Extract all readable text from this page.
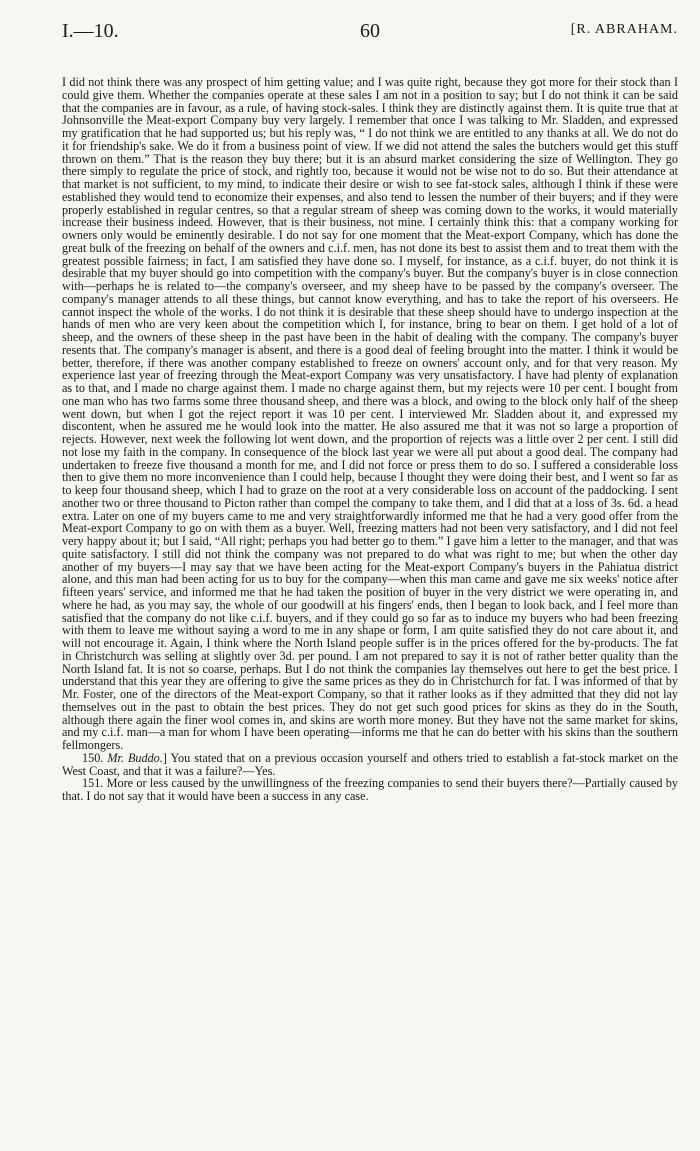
I.—10.	60	[R. ABRAHAM.

I did not think there was any prospect of him getting value; and I was quite right, because they got more for their stock than I could give them. Whether the companies operate at these sales I am not in a position to say; but I do not think it can be said that the companies are in favour, as a rule, of having stock-sales. I think they are distinctly against them. It is quite true that at Johnsonville the Meat-export Company buy very largely. I remember that once I was talking to Mr. Sladden, and expressed my gratification that he had supported us; but his reply was, “ I do not think we are entitled to any thanks at all. We do not do it for friendship's sake. We do it from a business point of view. If we did not attend the sales the butchers would get this stuff thrown on them.” That is the reason they buy there; but it is an absurd market considering the size of Wellington. They go there simply to regulate the price of stock, and rightly too, because it would not be wise not to do so. But their attendance at that market is not sufficient, to my mind, to indicate their desire or wish to see fat-stock sales, although I think if these were established they would tend to economize their expenses, and also tend to lessen the number of their buyers; and if they were properly established in regular centres, so that a regular stream of sheep was coming down to the works, it would materially increase their business indeed. However, that is their business, not mine. I certainly think this: that a company working for owners only would be eminently desirable. I do not say for one moment that the Meat-export Company, which has done the great bulk of the freezing on behalf of the owners and c.i.f. men, has not done its best to assist them and to treat them with the greatest possible fairness; in fact, I am satisfied they have done so. I myself, for instance, as a c.i.f. buyer, do not think it is desirable that my buyer should go into competition with the company's buyer. But the company's buyer is in close connection with—perhaps he is related to—the company's overseer, and my sheep have to be passed by the company's overseer. The company's manager attends to all these things, but cannot know everything, and has to take the report of his overseers. He cannot inspect the whole of the works. I do not think it is desirable that these sheep should have to undergo inspection at the hands of men who are very keen about the competition which I, for instance, bring to bear on them. I get hold of a lot of sheep, and the owners of these sheep in the past have been in the habit of dealing with the company. The company's buyer resents that. The company's manager is absent, and there is a good deal of feeling brought into the matter. I think it would be better, therefore, if there was another company established to freeze on owners' account only, and for that very reason. My experience last year of freezing through the Meat-export Company was very unsatisfactory. I have had plenty of explanation as to that, and I made no charge against them. I made no charge against them, but my rejects were 10 per cent. I bought from one man who has two farms some three thousand sheep, and there was a block, and owing to the block only half of the sheep went down, but when I got the reject report it was 10 per cent. I interviewed Mr. Sladden about it, and expressed my discontent, when he assured me he would look into the matter. He also assured me that it was not so large a proportion of rejects. However, next week the following lot went down, and the proportion of rejects was a little over 2 per cent. I still did not lose my faith in the company. In consequence of the block last year we were all put about a good deal. The company had undertaken to freeze five thousand a month for me, and I did not force or press them to do so. I suffered a considerable loss then to give them no more inconvenience than I could help, because I thought they were doing their best, and I went so far as to keep four thousand sheep, which I had to graze on the root at a very considerable loss on account of the paddocking. I sent another two or three thousand to Picton rather than compel the company to take them, and I did that at a loss of 3s. 6d. a head extra. Later on one of my buyers came to me and very straightforwardly informed me that he had a very good offer from the Meat-export Company to go on with them as a buyer. Well, freezing matters had not been very satisfactory, and I did not feel very happy about it; but I said, “All right; perhaps you had better go to them.” I gave him a letter to the manager, and that was quite satisfactory. I still did not think the company was not prepared to do what was right to me; but when the other day another of my buyers—I may say that we have been acting for the Meat-export Company's buyers in the Pahiatua district alone, and this man had been acting for us to buy for the company—when this man came and gave me six weeks' notice after fifteen years' service, and informed me that he had taken the position of buyer in the very district we were operating in, and where he had, as you may say, the whole of our goodwill at his fingers' ends, then I began to look back, and I feel more than satisfied that the company do not like c.i.f. buyers, and if they could go so far as to induce my buyers who had been freezing with them to leave me without saying a word to me in any shape or form, I am quite satisfied they do not care about it, and will not encourage it. Again, I think where the North Island people suffer is in the prices offered for the by-products. The fat in Christchurch was selling at slightly over 3d. per pound. I am not prepared to say it is not of rather better quality than the North Island fat. It is not so coarse, perhaps. But I do not think the companies lay themselves out here to get the best price. I understand that this year they are offering to give the same prices as they do in Christchurch for fat. I was informed of that by Mr. Foster, one of the directors of the Meat-export Company, so that it rather looks as if they admitted that they did not lay themselves out in the past to obtain the best prices. They do not get such good prices for skins as they do in the South, although there again the finer wool comes in, and skins are worth more money. But they have not the same market for skins, and my c.i.f. man—a man for whom I have been operating—informs me that he can do better with his skins than the southern fellmongers.

150. Mr. Buddo.] You stated that on a previous occasion yourself and others tried to establish a fat-stock market on the West Coast, and that it was a failure?—Yes.

151. More or less caused by the unwillingness of the freezing companies to send their buyers there?—Partially caused by that. I do not say that it would have been a success in any case.
